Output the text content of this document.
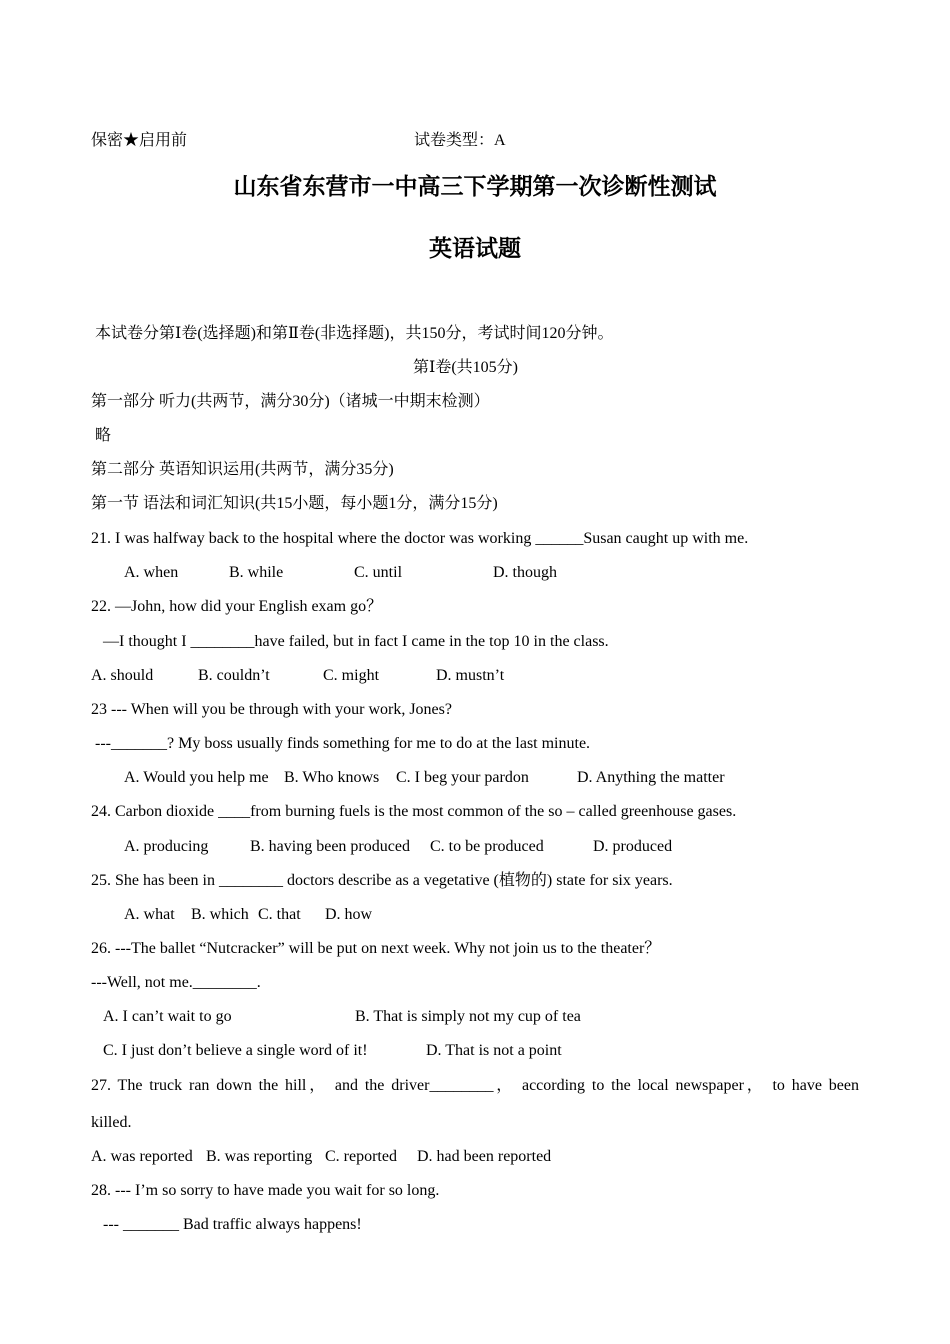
保密★启用前	试卷类型：A
山东省东营市一中高三下学期第一次诊断性测试
英语试题
本试卷分第Ⅰ卷(选择题)和第Ⅱ卷(非选择题)，共150分，考试时间120分钟。
第Ⅰ卷(共105分)
第一部分 听力(共两节，满分30分)（诸城一中期末检测）
略
第二部分 英语知识运用(共两节，满分35分)
第一节 语法和词汇知识(共15小题，每小题1分，满分15分)
21. I was halfway back to the hospital where the doctor was working ______Susan caught up with me.
A. when	B. while	C. until	D. though
22. —John, how did your English exam go？
—I thought I ________have failed, but in fact I came in the top 10 in the class.
A. should	B. couldn’t	C. might	D. mustn’t
23 --- When will you be through with your work, Jones?
---_______? My boss usually finds something for me to do at the last minute.
A. Would you help me B. Who knows C. I beg your pardon	D. Anything the matter
24. Carbon dioxide ____from burning fuels is the most common of the so – called greenhouse gases.
A. producing	B. having been produced C. to be produced	D. produced
25. She has been in ________ doctors describe as a vegetative (植物的) state for six years.
A. what B. which C. that D. how
26. ---The ballet “Nutcracker” will be put on next week. Why not join us to the theater？
---Well, not me.________.
A. I can’t wait to go	B. That is simply not my cup of tea
C. I just don’t believe a single word of it!	D. That is not a point
27. The truck ran down the hill， and the driver________， according to the local newspaper， to have been
killed.
A. was reported B. was reporting C. reported D. had been reported
28. --- I’m so sorry to have made you wait for so long.
--- _______ Bad traffic always happens!
